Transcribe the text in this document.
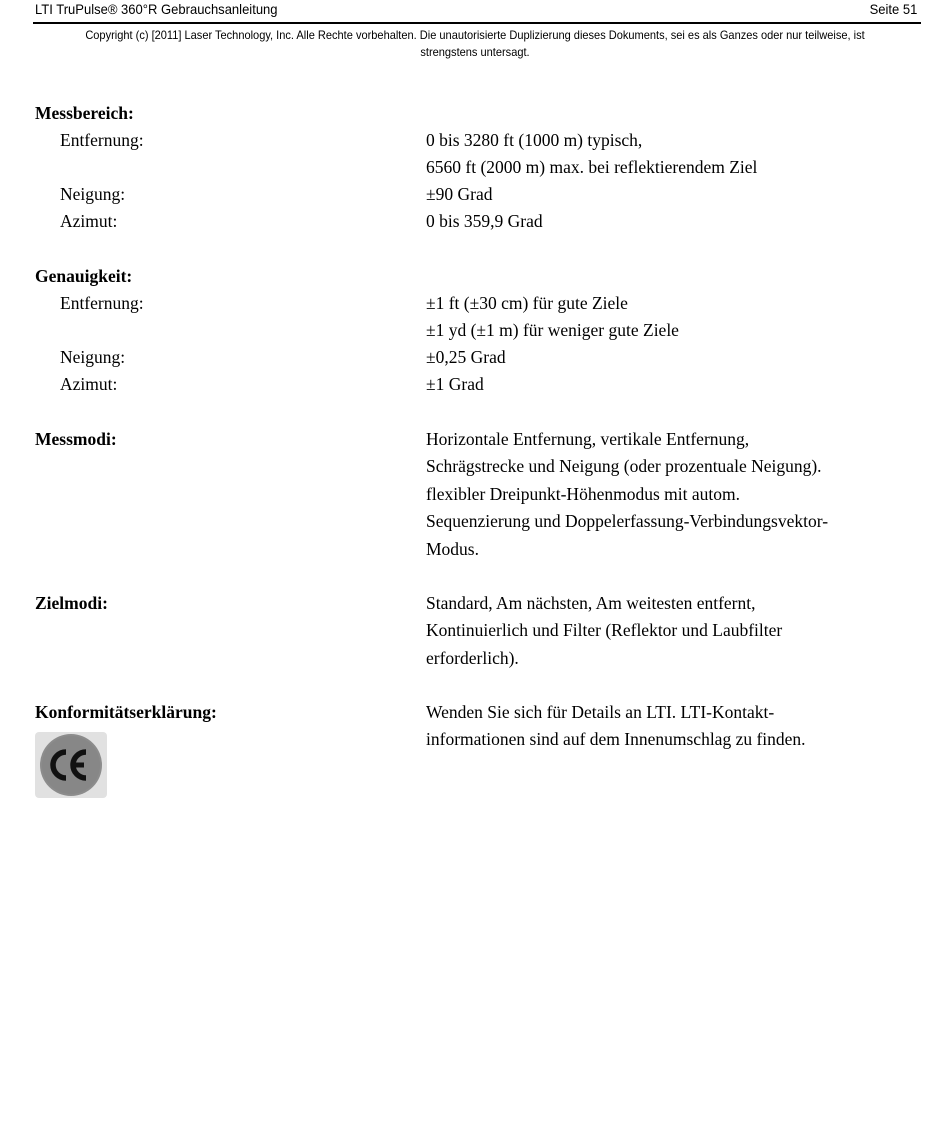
LTI TruPulse® 360°R Gebrauchsanleitung	Seite 51
Copyright (c) [2011] Laser Technology, Inc. Alle Rechte vorbehalten. Die unautorisierte Duplizierung dieses Dokuments, sei es als Ganzes oder nur teilweise, ist strengstens untersagt.
Messbereich:
Entfernung:	0 bis 3280 ft (1000 m) typisch,
6560 ft (2000 m) max. bei reflektierendem Ziel
Neigung:	±90 Grad
Azimut:	0 bis 359,9 Grad
Genauigkeit:
Entfernung:	±1 ft (±30 cm) für gute Ziele
±1 yd (±1 m) für weniger gute Ziele
Neigung:	±0,25 Grad
Azimut:	±1 Grad
Messmodi:	Horizontale Entfernung, vertikale Entfernung,
Schrägstrecke und Neigung (oder prozentuale Neigung).
flexibler Dreipunkt-Höhenmodus mit autom.
Sequenzierung und Doppelerfassung-Verbindungsvektor-
Modus.
Zielmodi:	Standard, Am nächsten, Am weitesten entfernt,
Kontinuierlich und Filter (Reflektor und Laubfilter
erforderlich).
Konformitätserklärung:	Wenden Sie sich für Details an LTI. LTI-Kontakt-
informationen sind auf dem Innenumschlag zu finden.
